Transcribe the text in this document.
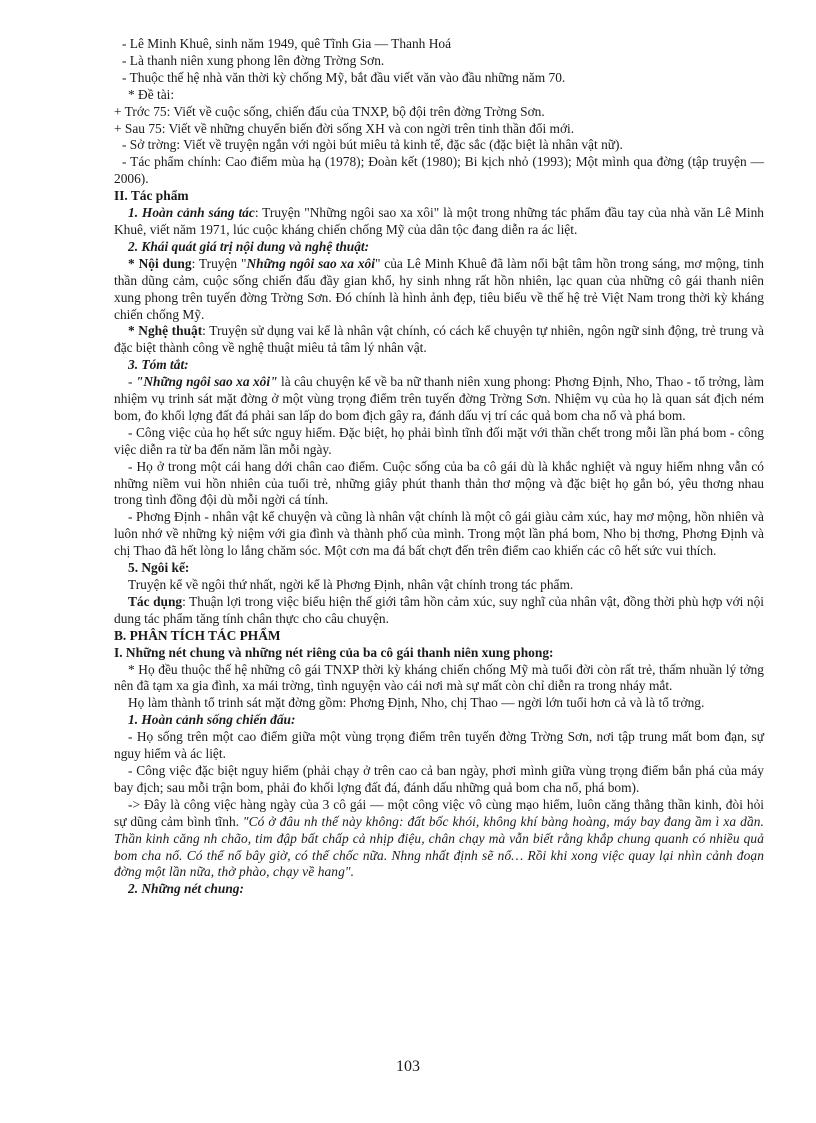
- Lê Minh Khuê, sinh năm 1949, quê Tĩnh Gia — Thanh Hoá

- Là thanh niên xung phong lên đờng Trờng Sơn.

- Thuộc thế hệ nhà văn thời kỳ chống Mỹ, bắt đầu viết văn vào đầu những năm 70.

* Đề tài:

+ Trớc 75: Viết về cuộc sống, chiến đấu của TNXP, bộ đội trên đờng Trờng Sơn.

+ Sau 75: Viết về những chuyển biến đời sống XH và con ngời trên tinh thần đổi mới.

- Sở trờng: Viết về truyện ngắn với ngòi bút miêu tả kinh tế, đặc sắc (đặc biệt là nhân vật nữ).

- Tác phẩm chính: Cao điểm mùa hạ (1978); Đoàn kết (1980); Bi kịch nhỏ (1993); Một mình qua đờng (tập truyện — 2006).

II. Tác phẩm

1. Hoàn cảnh sáng tác: Truyện "Những ngôi sao xa xôi" là một trong những tác phẩm đầu tay của nhà văn Lê Minh Khuê, viết năm 1971, lúc cuộc kháng chiến chống Mỹ của dân tộc đang diễn ra ác liệt.

2. Khái quát giá trị nội dung và nghệ thuật:

* Nội dung: Truyện "Những ngôi sao xa xôi" của Lê Minh Khuê đã làm nổi bật tâm hồn trong sáng, mơ mộng, tinh thần dũng cảm, cuộc sống chiến đấu đầy gian khổ, hy sinh nhng rất hồn nhiên, lạc quan của những cô gái thanh niên xung phong trên tuyến đờng Trờng Sơn. Đó chính là hình ảnh đẹp, tiêu biểu về thế hệ trẻ Việt Nam trong thời kỳ kháng chiến chống Mỹ.

* Nghệ thuật: Truyện sử dụng vai kể là nhân vật chính, có cách kể chuyện tự nhiên, ngôn ngữ sinh động, trẻ trung và đặc biệt thành công về nghệ thuật miêu tả tâm lý nhân vật.

3. Tóm tắt:

- "Những ngôi sao xa xôi" là câu chuyện kể về ba nữ thanh niên xung phong: Phơng Định, Nho, Thao - tổ trởng, làm nhiệm vụ trinh sát mặt đờng ở một vùng trọng điểm trên tuyến đờng Trờng Sơn. Nhiệm vụ của họ là quan sát địch ném bom, đo khối lợng đất đá phải san lấp do bom địch gây ra, đánh dấu vị trí các quả bom cha nổ và phá bom.

- Công việc của họ hết sức nguy hiểm. Đặc biệt, họ phải bình tĩnh đối mặt với thần chết trong mỗi lần phá bom - công việc diễn ra từ ba đến năm lần mỗi ngày.

- Họ ở trong một cái hang dới chân cao điểm. Cuộc sống của ba cô gái dù là khắc nghiệt và nguy hiểm nhng vẫn có những niềm vui hồn nhiên của tuổi trẻ, những giây phút thanh thản thơ mộng và đặc biệt họ gắn bó, yêu thơng nhau trong tình đồng đội dù mỗi ngời cá tính.

- Phơng Định - nhân vật kể chuyện và cũng là nhân vật chính là một cô gái giàu cảm xúc, hay mơ mộng, hồn nhiên và luôn nhớ về những kỷ niệm với gia đình và thành phố của mình. Trong một lần phá bom, Nho bị thơng, Phơng Định và chị Thao đã hết lòng lo lắng chăm sóc. Một cơn ma đá bất chợt đến trên điểm cao khiến các cô hết sức vui thích.

5. Ngôi kể:

Truyện kể về ngôi thứ nhất, ngời kể là Phơng Định, nhân vật chính trong tác phẩm.

Tác dụng: Thuận lợi trong việc biểu hiện thế giới tâm hồn cảm xúc, suy nghĩ của nhân vật, đồng thời phù hợp với nội dung tác phẩm tăng tính chân thực cho câu chuyện.

B. PHÂN TÍCH TÁC PHẨM

I. Những nét chung và những nét riêng của ba cô gái thanh niên xung phong:

* Họ đều thuộc thế hệ những cô gái TNXP thời kỳ kháng chiến chống Mỹ mà tuổi đời còn rất trẻ, thấm nhuần lý tởng nên đã tạm xa gia đình, xa mái trờng, tình nguyện vào cái nơi mà sự mất còn chỉ diễn ra trong nháy mắt.

Họ làm thành tổ trinh sát mặt đờng gồm: Phơng Định, Nho, chị Thao — ngời lớn tuổi hơn cả và là tổ trởng.

1. Hoàn cảnh sống chiến đấu:

- Họ sống trên một cao điểm giữa một vùng trọng điểm trên tuyến đờng Trờng Sơn, nơi tập trung mất bom đạn, sự nguy hiểm và ác liệt.

- Công việc đặc biệt nguy hiểm (phải chạy ở trên cao cả ban ngày, phơi mình giữa vùng trọng điểm bắn phá của máy bay địch; sau mỗi trận bom, phải đo khối lợng đất đá, đánh dấu những quả bom cha nổ, phá bom).

-> Đây là công việc hàng ngày của 3 cô gái — một công việc vô cùng mạo hiểm, luôn căng thẳng thần kinh, đòi hỏi sự dũng cảm bình tĩnh. "Có ở đâu nh thế này không: đất bốc khói, không khí bàng hoàng, máy bay đang ầm ì xa dần. Thần kinh căng nh chão, tim đập bất chấp cả nhịp điệu, chân chạy mà vẫn biết rằng khắp chung quanh có nhiều quả bom cha nổ. Có thể nổ bây giờ, có thể chốc nữa. Nhng nhất định sẽ nổ… Rồi khi xong việc quay lại nhìn cảnh đoạn đờng một lần nữa, thở phào, chạy về hang".

2. Những nét chung:

103
